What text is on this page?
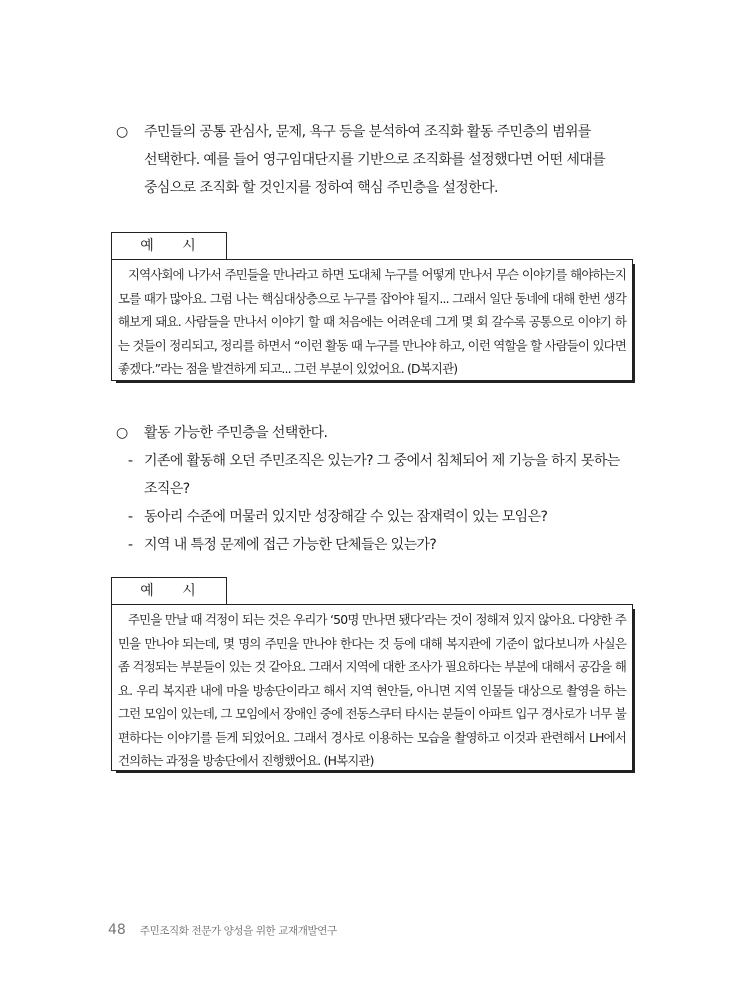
○	주민들의 공통 관심사, 문제, 욕구 등을 분석하여 조직화 활동 주민층의 범위를
선택한다. 예를 들어 영구임대단지를 기반으로 조직화를 설정했다면 어떤 세대를
중심으로 조직화 할 것인지를 정하여 핵심 주민층을 설정한다.
예 시
지역사회에 나가서 주민들을 만나라고 하면 도대체 누구를 어떻게 만나서 무슨 이야기를 해야하는지 모를 때가 많아요. 그럼 나는 핵심대상층으로 누구를 잡아야 될지... 그래서 일단 동네에 대해 한번 생각해보게 돼요. 사람들을 만나서 이야기 할 때 처음에는 어려운데 그게 몇 회 갈수록 공통으로 이야기 하는 것들이 정리되고, 정리를 하면서 “이런 활동 때 누구를 만나야 하고, 이런 역할을 할 사람들이 있다면 좋겠다.”라는 점을 발견하게 되고... 그런 부분이 있었어요. (D복지관)
○	활동 가능한 주민층을 선택한다.
- 기존에 활동해 오던 주민조직은 있는가? 그 중에서 침체되어 제 기능을 하지 못하는
조직은?
- 동아리 수준에 머물러 있지만 성장해갈 수 있는 잠재력이 있는 모임은?
- 지역 내 특정 문제에 접근 가능한 단체들은 있는가?
예 시
주민을 만날 때 걱정이 되는 것은 우리가 ‘50명 만나면 됐다’라는 것이 정해져 있지 않아요. 다양한 주민을 만나야 되는데, 몇 명의 주민을 만나야 한다는 것 등에 대해 복지관에 기준이 없다보니까 사실은 좀 걱정되는 부분들이 있는 것 같아요. 그래서 지역에 대한 조사가 필요하다는 부분에 대해서 공감을 해요. 우리 복지관 내에 마을 방송단이라고 해서 지역 현안들, 아니면 지역 인물들 대상으로 촬영을 하는 그런 모임이 있는데, 그 모임에서 장애인 중에 전동스쿠터 타시는 분들이 아파트 입구 경사로가 너무 불편하다는 이야기를 듣게 되었어요. 그래서 경사로 이용하는 모습을 촬영하고 이것과 관련해서 LH에서 건의하는 과정을 방송단에서 진행했어요. (H복지관)
48 주민조직화 전문가 양성을 위한 교재개발연구
